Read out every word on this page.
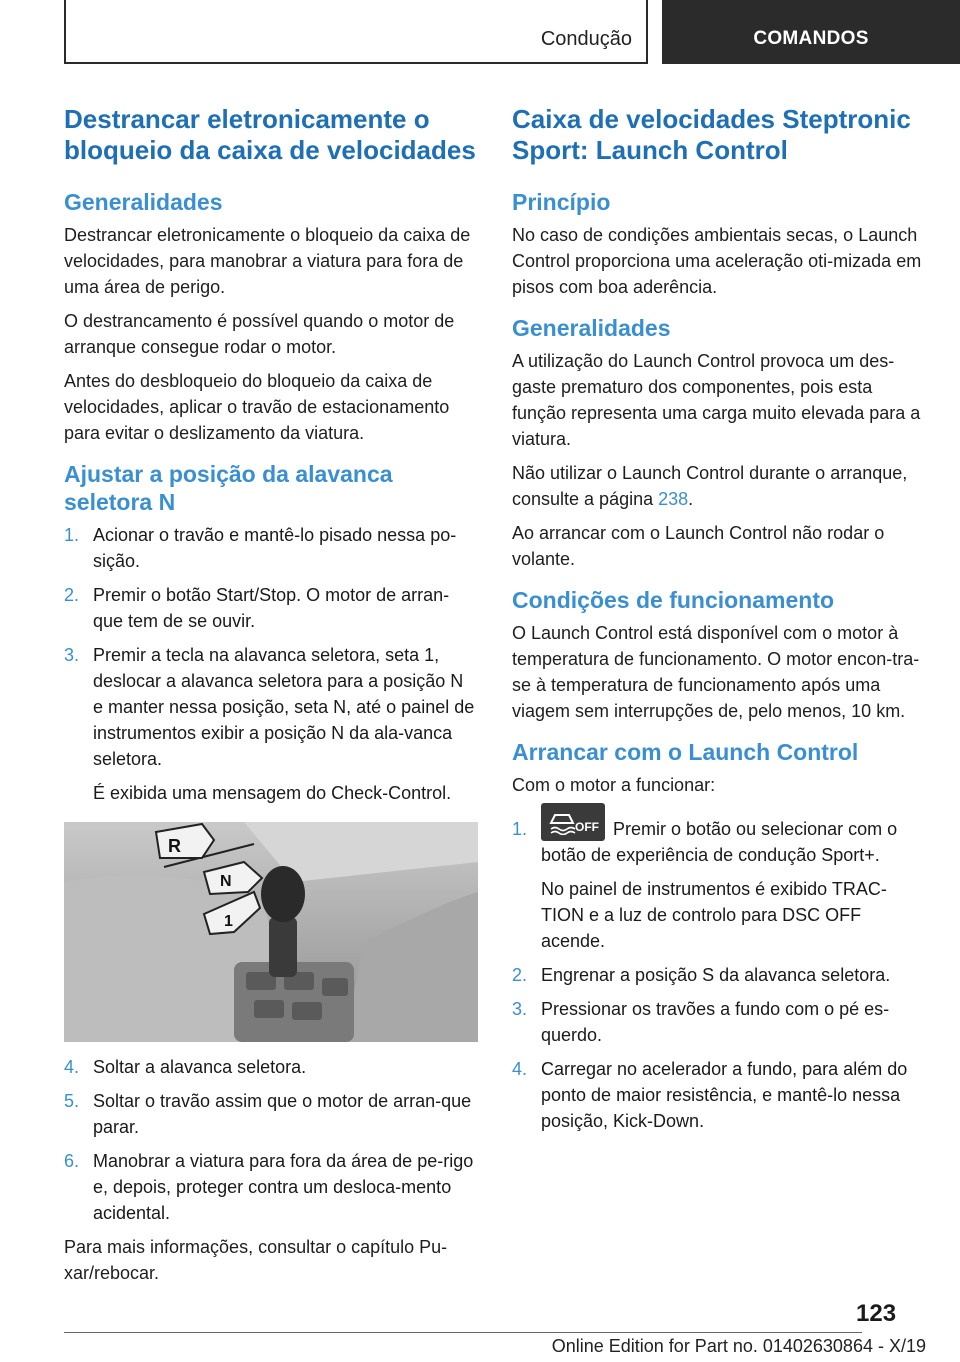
Condução	COMANDOS
Destrancar eletronicamente o bloqueio da caixa de velocidades
Generalidades

Destrancar eletronicamente o bloqueio da caixa de velocidades, para manobrar a viatura para fora de uma área de perigo.

O destrancamento é possível quando o motor de arranque consegue rodar o motor.

Antes do desbloqueio do bloqueio da caixa de velocidades, aplicar o travão de estacionamento para evitar o deslizamento da viatura.

Ajustar a posição da alavanca seletora N
1. Acionar o travão e mantê-lo pisado nessa po-sição.
2. Premir o botão Start/Stop. O motor de arran-que tem de se ouvir.
3. Premir a tecla na alavanca seletora, seta 1, deslocar a alavanca seletora para a posição N e manter nessa posição, seta N, até o painel de instrumentos exibir a posição N da ala-vanca seletora.
É exibida uma mensagem do Check-Control.
R
N
1
4. Soltar a alavanca seletora.
5. Soltar o travão assim que o motor de arran-que parar.
6. Manobrar a viatura para fora da área de pe-rigo e, depois, proteger contra um desloca-mento acidental.

Para mais informações, consultar o capítulo Pu-xar/rebocar.

Caixa de velocidades Steptronic Sport: Launch Control
Princípio

No caso de condições ambientais secas, o Launch Control proporciona uma aceleração oti-mizada em pisos com boa aderência.

Generalidades

A utilização do Launch Control provoca um des-gaste prematuro dos componentes, pois esta função representa uma carga muito elevada para a viatura.

Não utilizar o Launch Control durante o arranque, consulte a página 238.

Ao arrancar com o Launch Control não rodar o volante.

Condições de funcionamento

O Launch Control está disponível com o motor à temperatura de funcionamento. O motor encon-tra-se à temperatura de funcionamento após uma viagem sem interrupções de, pelo menos, 10 km.

Arrancar com o Launch Control

Com o motor a funcionar:

1.	OFF Premir o botão ou selecionar com o botão de experiência de condução Sport+.
No painel de instrumentos é exibido TRAC-TION e a luz de controlo para DSC OFF acende.
2. Engrenar a posição S da alavanca seletora.
3. Pressionar os travões a fundo com o pé es-querdo.
4. Carregar no acelerador a fundo, para além do ponto de maior resistência, e mantê-lo nessa posição, Kick-Down.
123
Online Edition for Part no. 01402630864 - X/19
